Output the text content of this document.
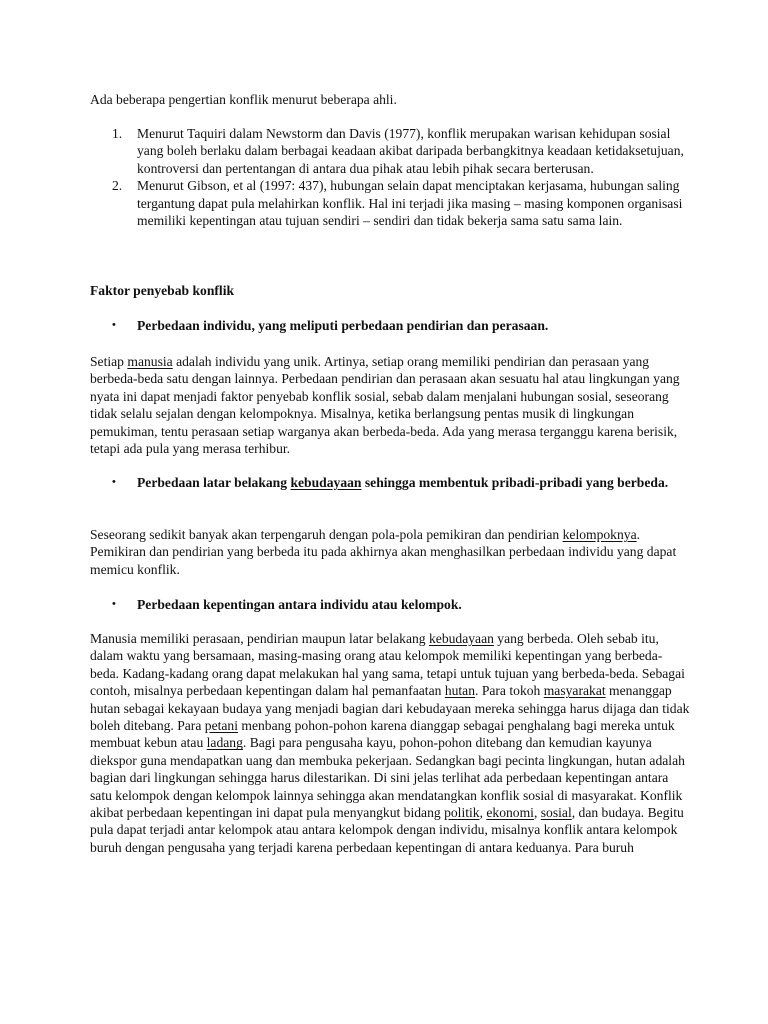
Ada beberapa pengertian konflik menurut beberapa ahli.

1. Menurut Taquiri dalam Newstorm dan Davis (1977), konflik merupakan warisan kehidupan sosial yang boleh berlaku dalam berbagai keadaan akibat daripada berbangkitnya keadaan ketidaksetujuan, kontroversi dan pertentangan di antara dua pihak atau lebih pihak secara berterusan.
2. Menurut Gibson, et al (1997: 437), hubungan selain dapat menciptakan kerjasama, hubungan saling tergantung dapat pula melahirkan konflik. Hal ini terjadi jika masing – masing komponen organisasi memiliki kepentingan atau tujuan sendiri – sendiri dan tidak bekerja sama satu sama lain.

Faktor penyebab konflik

•	Perbedaan individu, yang meliputi perbedaan pendirian dan perasaan.

Setiap manusia adalah individu yang unik. Artinya, setiap orang memiliki pendirian dan perasaan yang berbeda-beda satu dengan lainnya. Perbedaan pendirian dan perasaan akan sesuatu hal atau lingkungan yang nyata ini dapat menjadi faktor penyebab konflik sosial, sebab dalam menjalani hubungan sosial, seseorang tidak selalu sejalan dengan kelompoknya. Misalnya, ketika berlangsung pentas musik di lingkungan pemukiman, tentu perasaan setiap warganya akan berbeda-beda. Ada yang merasa terganggu karena berisik, tetapi ada pula yang merasa terhibur.

•	Perbedaan latar belakang kebudayaan sehingga membentuk pribadi-pribadi yang berbeda.

Seseorang sedikit banyak akan terpengaruh dengan pola-pola pemikiran dan pendirian kelompoknya. Pemikiran dan pendirian yang berbeda itu pada akhirnya akan menghasilkan perbedaan individu yang dapat memicu konflik.

•	Perbedaan kepentingan antara individu atau kelompok.

Manusia memiliki perasaan, pendirian maupun latar belakang kebudayaan yang berbeda. Oleh sebab itu, dalam waktu yang bersamaan, masing-masing orang atau kelompok memiliki kepentingan yang berbeda-beda. Kadang-kadang orang dapat melakukan hal yang sama, tetapi untuk tujuan yang berbeda-beda. Sebagai contoh, misalnya perbedaan kepentingan dalam hal pemanfaatan hutan. Para tokoh masyarakat menanggap hutan sebagai kekayaan budaya yang menjadi bagian dari kebudayaan mereka sehingga harus dijaga dan tidak boleh ditebang. Para petani menbang pohon-pohon karena dianggap sebagai penghalang bagi mereka untuk membuat kebun atau ladang. Bagi para pengusaha kayu, pohon-pohon ditebang dan kemudian kayunya diekspor guna mendapatkan uang dan membuka pekerjaan. Sedangkan bagi pecinta lingkungan, hutan adalah bagian dari lingkungan sehingga harus dilestarikan. Di sini jelas terlihat ada perbedaan kepentingan antara satu kelompok dengan kelompok lainnya sehingga akan mendatangkan konflik sosial di masyarakat. Konflik akibat perbedaan kepentingan ini dapat pula menyangkut bidang politik, ekonomi, sosial, dan budaya. Begitu pula dapat terjadi antar kelompok atau antara kelompok dengan individu, misalnya konflik antara kelompok buruh dengan pengusaha yang terjadi karena perbedaan kepentingan di antara keduanya. Para buruh
